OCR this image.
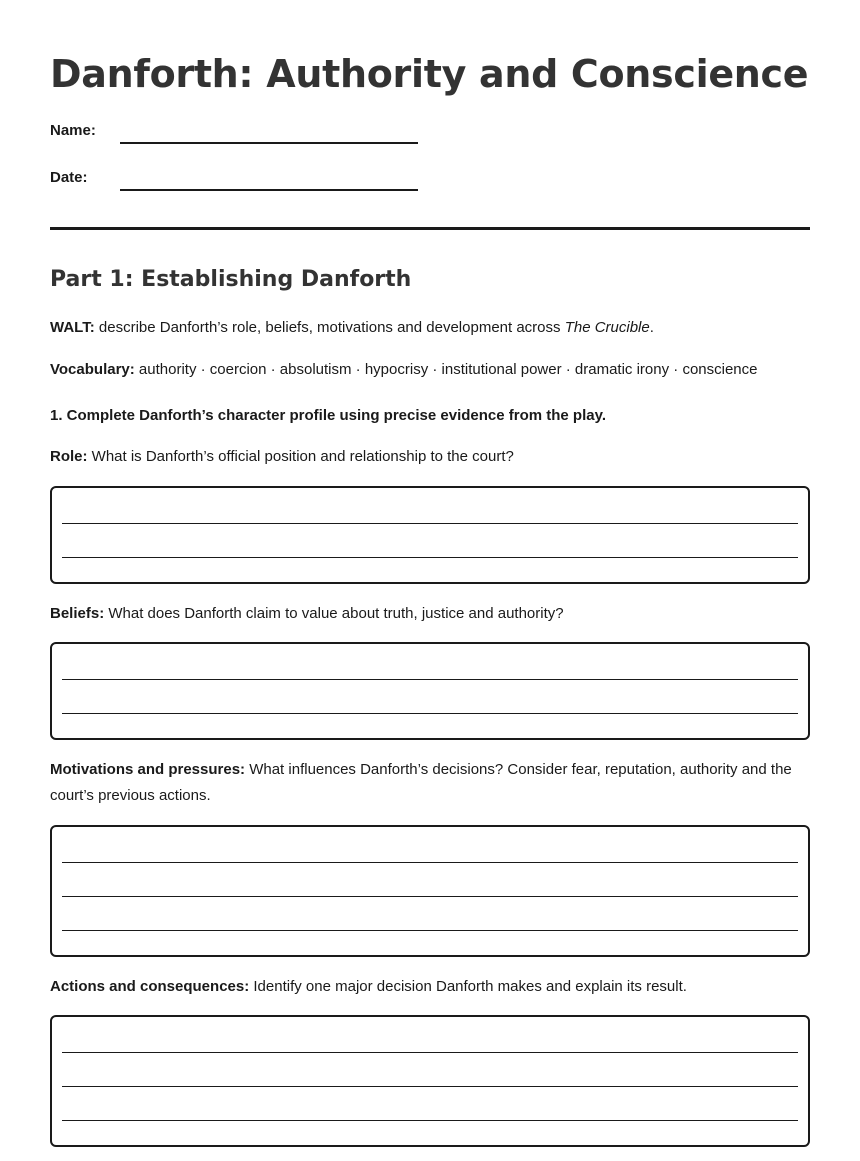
Danforth: Authority and Conscience
Name:
Date:
Part 1: Establishing Danforth

WALT: describe Danforth’s role, beliefs, motivations and development across The Crucible.

Vocabulary: authority · coercion · absolutism · hypocrisy · institutional power · dramatic irony · conscience

1. Complete Danforth’s character profile using precise evidence from the play.

Role: What is Danforth’s official position and relationship to the court?

Beliefs: What does Danforth claim to value about truth, justice and authority?

Motivations and pressures: What influences Danforth’s decisions? Consider fear, reputation, authority and the court’s previous actions.

Actions and consequences: Identify one major decision Danforth makes and explain its result.
